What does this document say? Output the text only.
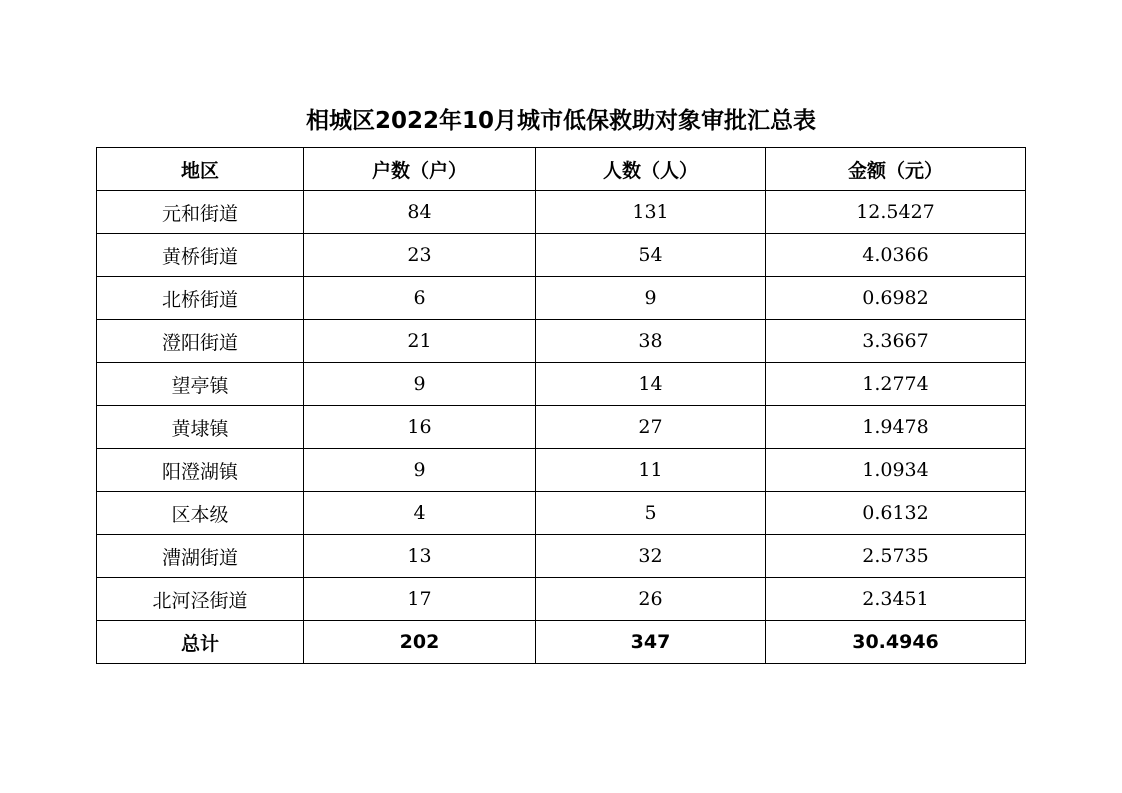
相城区2022年10月城市低保救助对象审批汇总表
地区	户数（户）	人数（人）	金额（元）
元和街道	84	131	12.5427
黄桥街道	23	54	4.0366
北桥街道	6	9	0.6982
澄阳街道	21	38	3.3667
望亭镇	9	14	1.2774
黄埭镇	16	27	1.9478
阳澄湖镇	9	11	1.0934
区本级	4	5	0.6132
漕湖街道	13	32	2.5735
北河泾街道	17	26	2.3451
总计	202	347	30.4946
